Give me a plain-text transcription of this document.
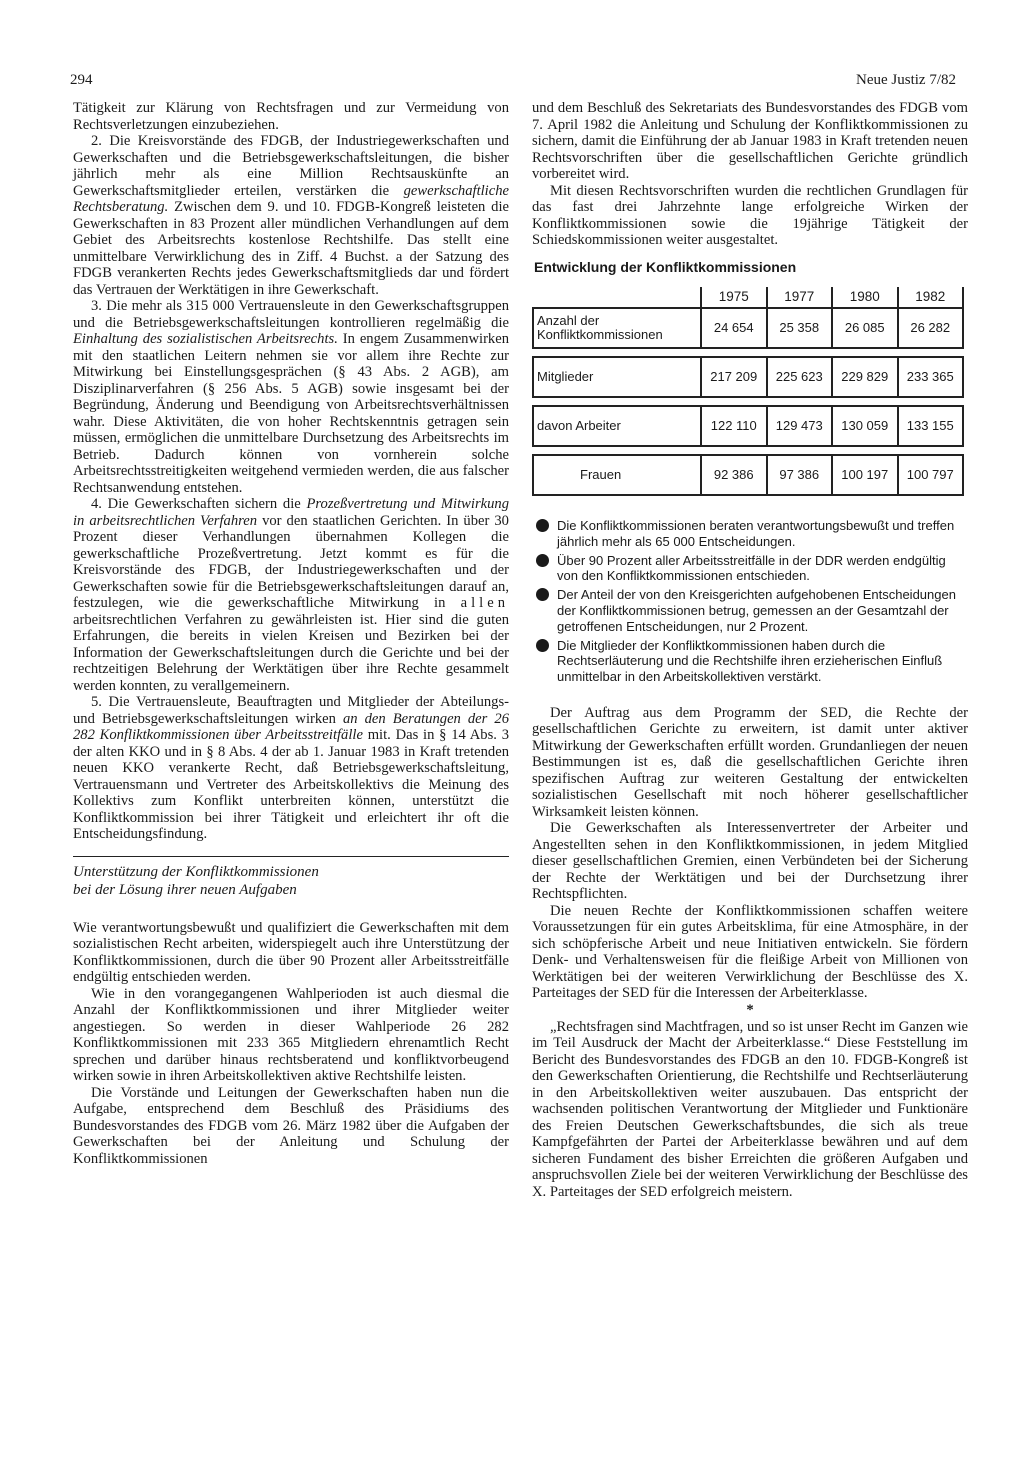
294	Neue Justiz 7/82

Tätigkeit zur Klärung von Rechtsfragen und zur Vermeidung von Rechtsverletzungen einzubeziehen.

2. Die Kreisvorstände des FDGB, der Industriegewerkschaften und Gewerkschaften und die Betriebsgewerkschaftsleitungen, die bisher jährlich mehr als eine Million Rechtsauskünfte an Gewerkschaftsmitglieder erteilen, verstärken die gewerkschaftliche Rechtsberatung. Zwischen dem 9. und 10. FDGB-Kongreß leisteten die Gewerkschaften in 83 Prozent aller mündlichen Verhandlungen auf dem Gebiet des Arbeitsrechts kostenlose Rechtshilfe. Das stellt eine unmittelbare Verwirklichung des in Ziff. 4 Buchst. a der Satzung des FDGB verankerten Rechts jedes Gewerkschaftsmitglieds dar und fördert das Vertrauen der Werktätigen in ihre Gewerkschaft.

3. Die mehr als 315 000 Vertrauensleute in den Gewerkschaftsgruppen und die Betriebsgewerkschaftsleitungen kontrollieren regelmäßig die Einhaltung des sozialistischen Arbeitsrechts. In engem Zusammenwirken mit den staatlichen Leitern nehmen sie vor allem ihre Rechte zur Mitwirkung bei Einstellungsgesprächen (§ 43 Abs. 2 AGB), am Disziplinarverfahren (§ 256 Abs. 5 AGB) sowie insgesamt bei der Begründung, Änderung und Beendigung von Arbeitsrechtsverhältnissen wahr. Diese Aktivitäten, die von hoher Rechtskenntnis getragen sein müssen, ermöglichen die unmittelbare Durchsetzung des Arbeitsrechts im Betrieb. Dadurch können von vornherein solche Arbeitsrechtsstreitigkeiten weitgehend vermieden werden, die aus falscher Rechtsanwendung entstehen.

4. Die Gewerkschaften sichern die Prozeßvertretung und Mitwirkung in arbeitsrechtlichen Verfahren vor den staatlichen Gerichten. In über 30 Prozent dieser Verhandlungen übernahmen Kollegen die gewerkschaftliche Prozeßvertretung. Jetzt kommt es für die Kreisvorstände des FDGB, der Industriegewerkschaften und der Gewerkschaften sowie für die Betriebsgewerkschaftsleitungen darauf an, festzulegen, wie die gewerkschaftliche Mitwirkung in allen arbeitsrechtlichen Verfahren zu gewährleisten ist. Hier sind die guten Erfahrungen, die bereits in vielen Kreisen und Bezirken bei der Information der Gewerkschaftsleitungen durch die Gerichte und bei der rechtzeitigen Belehrung der Werktätigen über ihre Rechte gesammelt werden konnten, zu verallgemeinern.

5. Die Vertrauensleute, Beauftragten und Mitglieder der Abteilungs- und Betriebsgewerkschaftsleitungen wirken an den Beratungen der 26 282 Konfliktkommissionen über Arbeitsstreitfälle mit. Das in § 14 Abs. 3 der alten KKO und in § 8 Abs. 4 der ab 1. Januar 1983 in Kraft tretenden neuen KKO verankerte Recht, daß Betriebsgewerkschaftsleitung, Vertrauensmann und Vertreter des Arbeitskollektivs die Meinung des Kollektivs zum Konflikt unterbreiten können, unterstützt die Konfliktkommission bei ihrer Tätigkeit und erleichtert ihr oft die Entscheidungsfindung.

Unterstützung der Konfliktkommissionen
bei der Lösung ihrer neuen Aufgaben

Wie verantwortungsbewußt und qualifiziert die Gewerkschaften mit dem sozialistischen Recht arbeiten, widerspiegelt auch ihre Unterstützung der Konfliktkommissionen, durch die über 90 Prozent aller Arbeitsstreitfälle endgültig entschieden werden.

Wie in den vorangegangenen Wahlperioden ist auch diesmal die Anzahl der Konfliktkommissionen und ihrer Mitglieder weiter angestiegen. So werden in dieser Wahlperiode 26 282 Konfliktkommissionen mit 233 365 Mitgliedern ehrenamtlich Recht sprechen und darüber hinaus rechtsberatend und konfliktvorbeugend wirken sowie in ihren Arbeitskollektiven aktive Rechtshilfe leisten.

Die Vorstände und Leitungen der Gewerkschaften haben nun die Aufgabe, entsprechend dem Beschluß des Präsidiums des Bundesvorstandes des FDGB vom 26. März 1982 über die Aufgaben der Gewerkschaften bei der Anleitung und Schulung der Konfliktkommissionen

und dem Beschluß des Sekretariats des Bundesvorstandes des FDGB vom 7. April 1982 die Anleitung und Schulung der Konfliktkommissionen zu sichern, damit die Einführung der ab Januar 1983 in Kraft tretenden neuen Rechtsvorschriften über die gesellschaftlichen Gerichte gründlich vorbereitet wird.

Mit diesen Rechtsvorschriften wurden die rechtlichen Grundlagen für das fast drei Jahrzehnte lange erfolgreiche Wirken der Konfliktkommissionen sowie die 19jährige Tätigkeit der Schiedskommissionen weiter ausgestaltet.

Entwicklung der Konfliktkommissionen
	1975	1977	1980	1982
Anzahl der Konfliktkommissionen	24 654	25 358	26 085	26 282

Mitglieder	217 209	225 623	229 829	233 365

davon Arbeiter	122 110	129 473	130 059	133 155

Frauen	92 386	97 386	100 197	100 797
Die Konfliktkommissionen beraten verantwortungsbewußt und treffen jährlich mehr als 65 000 Entscheidungen.
Über 90 Prozent aller Arbeitsstreitfälle in der DDR werden endgültig von den Konfliktkommissionen entschieden.
Der Anteil der von den Kreisgerichten aufgehobenen Entscheidungen der Konfliktkommissionen betrug, gemessen an der Gesamtzahl der getroffenen Entscheidungen, nur 2 Prozent.
Die Mitglieder der Konfliktkommissionen haben durch die Rechtserläuterung und die Rechtshilfe ihren erzieherischen Einfluß unmittelbar in den Arbeitskollektiven verstärkt.

Der Auftrag aus dem Programm der SED, die Rechte der gesellschaftlichen Gerichte zu erweitern, ist damit unter aktiver Mitwirkung der Gewerkschaften erfüllt worden. Grundanliegen der neuen Bestimmungen ist es, daß die gesellschaftlichen Gerichte ihren spezifischen Auftrag zur weiteren Gestaltung der entwickelten sozialistischen Gesellschaft mit noch höherer gesellschaftlicher Wirksamkeit leisten können.

Die Gewerkschaften als Interessenvertreter der Arbeiter und Angestellten sehen in den Konfliktkommissionen, in jedem Mitglied dieser gesellschaftlichen Gremien, einen Verbündeten bei der Sicherung der Rechte der Werktätigen und bei der Durchsetzung ihrer Rechtspflichten.

Die neuen Rechte der Konfliktkommissionen schaffen weitere Voraussetzungen für ein gutes Arbeitsklima, für eine Atmosphäre, in der sich schöpferische Arbeit und neue Initiativen entwickeln. Sie fördern Denk- und Verhaltensweisen für die fleißige Arbeit von Millionen von Werktätigen bei der weiteren Verwirklichung der Beschlüsse des X. Parteitages der SED für die Interessen der Arbeiterklasse.

*

„Rechtsfragen sind Machtfragen, und so ist unser Recht im Ganzen wie im Teil Ausdruck der Macht der Arbeiterklasse.“ Diese Feststellung im Bericht des Bundesvorstandes des FDGB an den 10. FDGB-Kongreß ist den Gewerkschaften Orientierung, die Rechtshilfe und Rechtserläuterung in den Arbeitskollektiven weiter auszubauen. Das entspricht der wachsenden politischen Verantwortung der Mitglieder und Funktionäre des Freien Deutschen Gewerkschaftsbundes, die sich als treue Kampfgefährten der Partei der Arbeiterklasse bewähren und auf dem sicheren Fundament des bisher Erreichten die größeren Aufgaben und anspruchsvollen Ziele bei der weiteren Verwirklichung der Beschlüsse des X. Parteitages der SED erfolgreich meistern.
